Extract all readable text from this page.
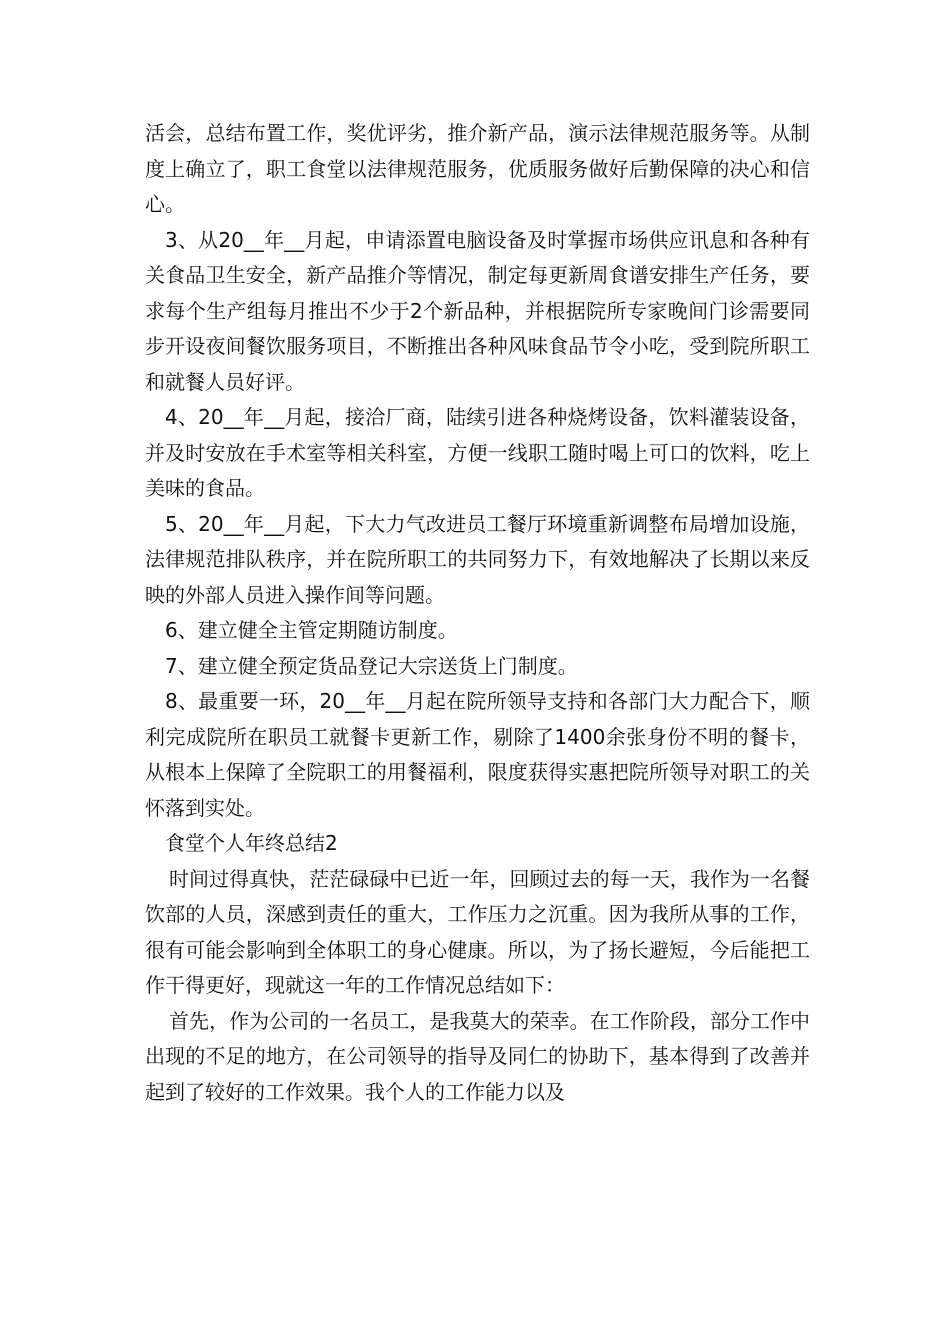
活会，总结布置工作，奖优评劣，推介新产品，演示法律规范服务等。从制度上确立了，职工食堂以法律规范服务，优质服务做好后勤保障的决心和信心。

3、从20__年__月起，申请添置电脑设备及时掌握市场供应讯息和各种有关食品卫生安全，新产品推介等情况，制定每更新周食谱安排生产任务，要求每个生产组每月推出不少于2个新品种，并根据院所专家晚间门诊需要同步开设夜间餐饮服务项目，不断推出各种风味食品节令小吃，受到院所职工和就餐人员好评。

4、20__年__月起，接洽厂商，陆续引进各种烧烤设备，饮料灌装设备，并及时安放在手术室等相关科室，方便一线职工随时喝上可口的饮料，吃上美味的食品。

5、20__年__月起，下大力气改进员工餐厅环境重新调整布局增加设施，法律规范排队秩序，并在院所职工的共同努力下，有效地解决了长期以来反映的外部人员进入操作间等问题。

6、建立健全主管定期随访制度。

7、建立健全预定货品登记大宗送货上门制度。

8、最重要一环，20__年__月起在院所领导支持和各部门大力配合下，顺利完成院所在职员工就餐卡更新工作，剔除了1400余张身份不明的餐卡，从根本上保障了全院职工的用餐福利，限度获得实惠把院所领导对职工的关怀落到实处。

食堂个人年终总结2

时间过得真快，茫茫碌碌中已近一年，回顾过去的每一天，我作为一名餐饮部的人员，深感到责任的重大，工作压力之沉重。因为我所从事的工作，很有可能会影响到全体职工的身心健康。所以，为了扬长避短，今后能把工作干得更好，现就这一年的工作情况总结如下：

首先，作为公司的一名员工，是我莫大的荣幸。在工作阶段，部分工作中出现的不足的地方，在公司领导的指导及同仁的协助下，基本得到了改善并起到了较好的工作效果。我个人的工作能力以及
